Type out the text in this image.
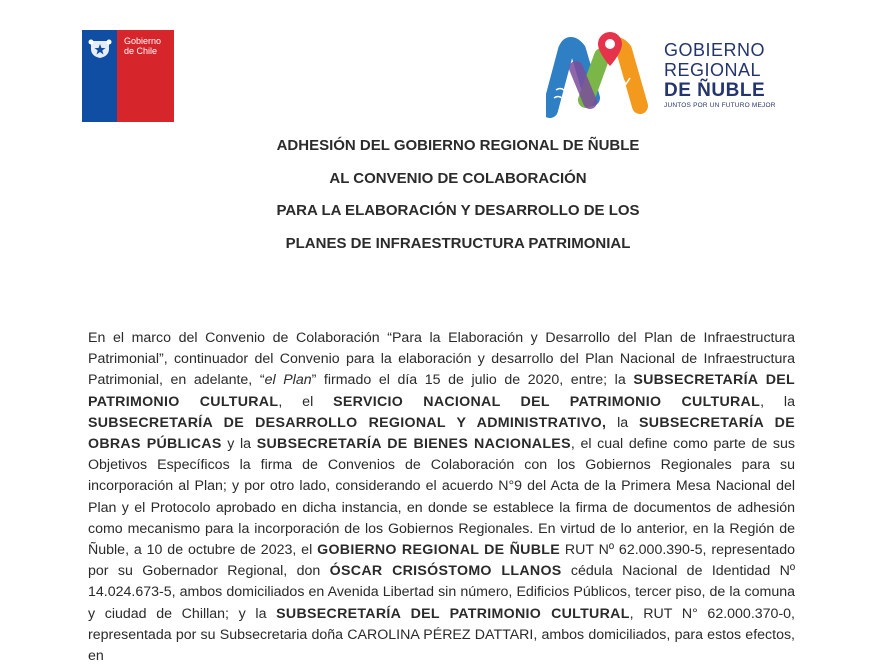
Gobierno
de Chile	GOBIERNO
REGIONAL
DE ÑUBLE
JUNTOS POR UN FUTURO MEJOR
ADHESIÓN DEL GOBIERNO REGIONAL DE ÑUBLE
AL CONVENIO DE COLABORACIÓN
PARA LA ELABORACIÓN Y DESARROLLO DE LOS
PLANES DE INFRAESTRUCTURA PATRIMONIAL
En el marco del Convenio de Colaboración “Para la Elaboración y Desarrollo del Plan de Infraestructura Patrimonial”, continuador del Convenio para la elaboración y desarrollo del Plan Nacional de Infraestructura Patrimonial, en adelante, “el Plan” firmado el día 15 de julio de 2020, entre; la SUBSECRETARÍA DEL PATRIMONIO CULTURAL, el SERVICIO NACIONAL DEL PATRIMONIO CULTURAL, la SUBSECRETARÍA DE DESARROLLO REGIONAL Y ADMINISTRATIVO, la SUBSECRETARÍA DE OBRAS PÚBLICAS y la SUBSECRETARÍA DE BIENES NACIONALES, el cual define como parte de sus Objetivos Específicos la firma de Convenios de Colaboración con los Gobiernos Regionales para su incorporación al Plan; y por otro lado, considerando el acuerdo N°9 del Acta de la Primera Mesa Nacional del Plan y el Protocolo aprobado en dicha instancia, en donde se establece la firma de documentos de adhesión como mecanismo para la incorporación de los Gobiernos Regionales. En virtud de lo anterior, en la Región de Ñuble, a 10 de octubre de 2023, el GOBIERNO REGIONAL DE ÑUBLE RUT Nº 62.000.390-5, representado por su Gobernador Regional, don ÓSCAR CRISÓSTOMO LLANOS cédula Nacional de Identidad Nº 14.024.673-5, ambos domiciliados en Avenida Libertad sin número, Edificios Públicos, tercer piso, de la comuna y ciudad de Chillan; y la SUBSECRETARÍA DEL PATRIMONIO CULTURAL, RUT N° 62.000.370-0, representada por su Subsecretaria doña CAROLINA PÉREZ DATTARI, ambos domiciliados, para estos efectos, en
